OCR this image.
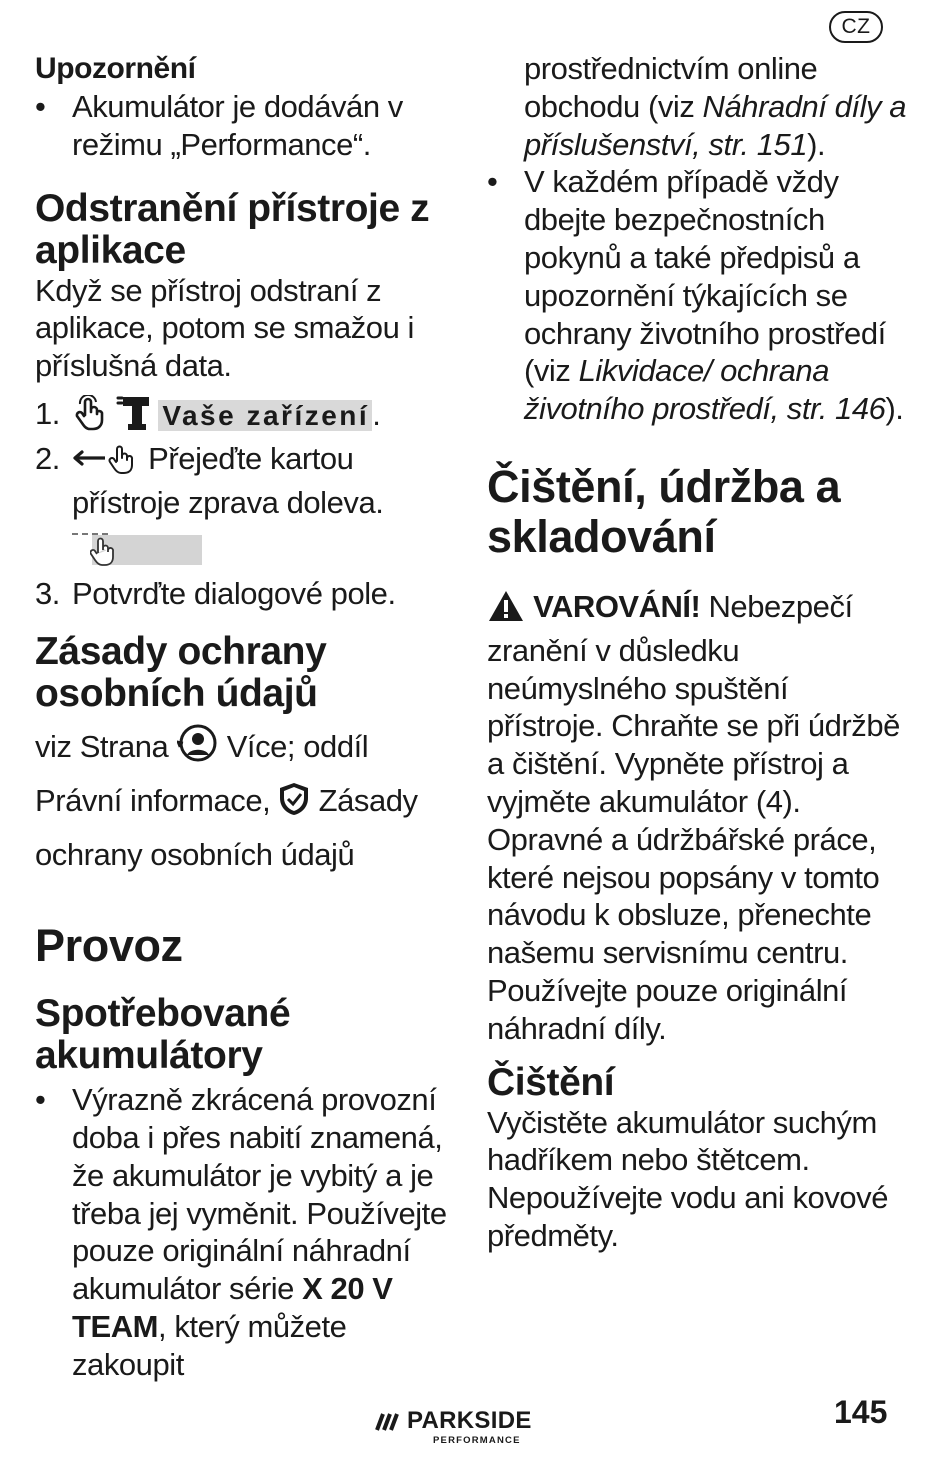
CZ

Upozornění

• Akumulátor je dodáván v režimu „Performance“.

Odstranění přístroje z aplikace

Když se přístroj odstraní z aplikace, potom se smažou i příslušná data.

1.	Vaše zařízení.

2.	Přejeďte kartou přístroje zprava doleva.

3. Potvrďte dialogové pole.

Zásady ochrany osobních údajů

viz Strana Více; oddíl Právní informace, Zásady ochrany osobních údajů

Provoz
Spotřebované akumulátory

• Výrazně zkrácená provozní doba i přes nabití znamená, že akumulátor je vybitý a je třeba jej vyměnit. Používejte pouze originální náhradní akumulátor série X 20 V TEAM, který můžete zakoupit

prostřednictvím online obchodu (viz Náhradní díly a příslušenství, str. 151).

• V každém případě vždy dbejte bezpečnostních pokynů a také předpisů a upozornění týkajících se ochrany životního prostředí (viz Likvidace/ ochrana životního prostředí, str. 146).

Čištění, údržba a skladování

VAROVÁNÍ! Nebezpečí zranění v důsledku neúmyslného spuštění přístroje. Chraňte se při údržbě a čištění. Vypněte přístroj a vyjměte akumulátor (4).

Opravné a údržbářské práce, které nejsou popsány v tomto návodu k obsluze, přenechte našemu servisnímu centru. Používejte pouze originální náhradní díly.

Čištění

Vyčistěte akumulátor suchým hadříkem nebo štětcem.

Nepoužívejte vodu ani kovové předměty.

PARKSIDE
PERFORMANCE
145
